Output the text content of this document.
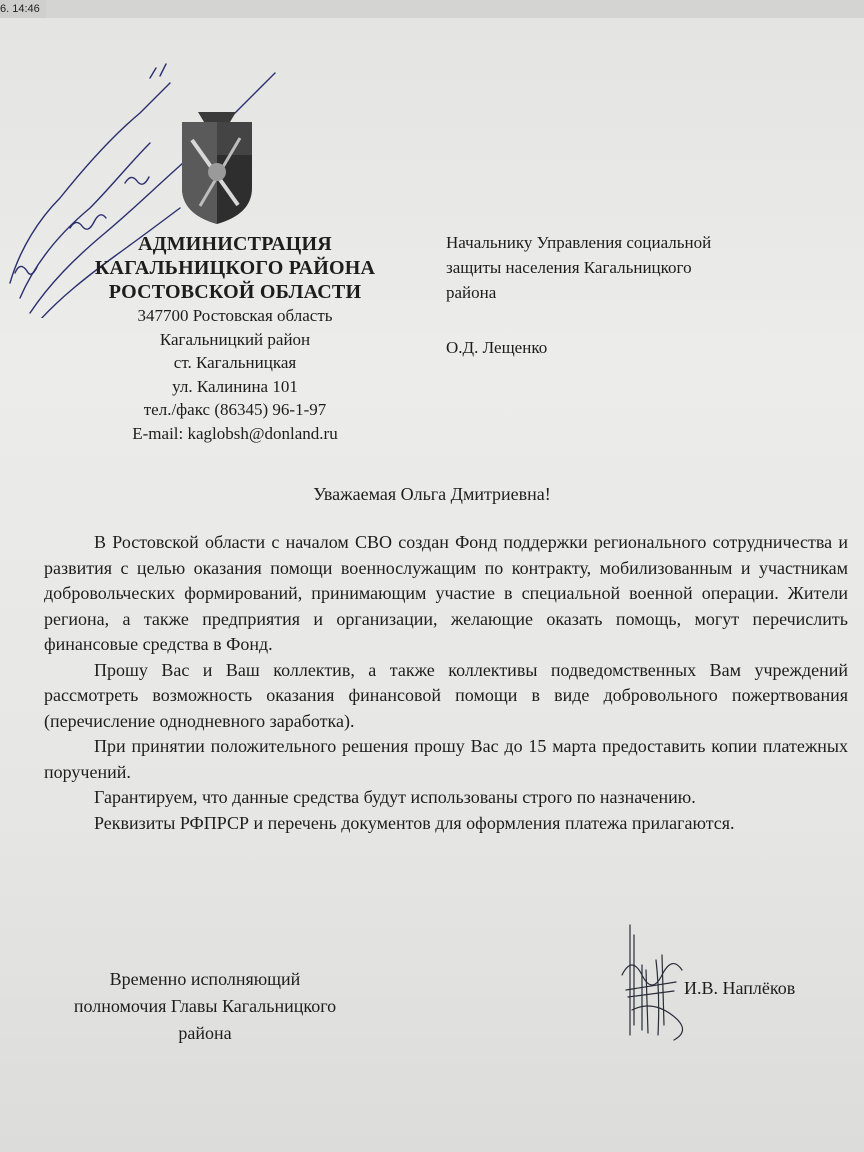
6. 14:46
АДМИНИСТРАЦИЯ
КАГАЛЬНИЦКОГО РАЙОНА
РОСТОВСКОЙ ОБЛАСТИ
347700 Ростовская область
Кагальницкий район
ст. Кагальницкая
ул. Калинина 101
тел./факс (86345) 96-1-97
E-mail: kaglobsh@donland.ru
Начальнику Управления социальной
защиты населения Кагальницкого
района
О.Д. Лещенко
Уважаемая Ольга Дмитриевна!

В Ростовской области с началом СВО создан Фонд поддержки регионального сотрудничества и развития с целью оказания помощи военнослужащим по контракту, мобилизованным и участникам добровольческих формирований, принимающим участие в специальной военной операции. Жители региона, а также предприятия и организации, желающие оказать помощь, могут перечислить финансовые средства в Фонд.

Прошу Вас и Ваш коллектив, а также коллективы подведомственных Вам учреждений рассмотреть возможность оказания финансовой помощи в виде добровольного пожертвования (перечисление однодневного заработка).

При принятии положительного решения прошу Вас до 15 марта предоставить копии платежных поручений.

Гарантируем, что данные средства будут использованы строго по назначению.

Реквизиты РФПРСР и перечень документов для оформления платежа прилагаются.

Временно исполняющий
полномочия Главы Кагальницкого
района
И.В. Наплёков
